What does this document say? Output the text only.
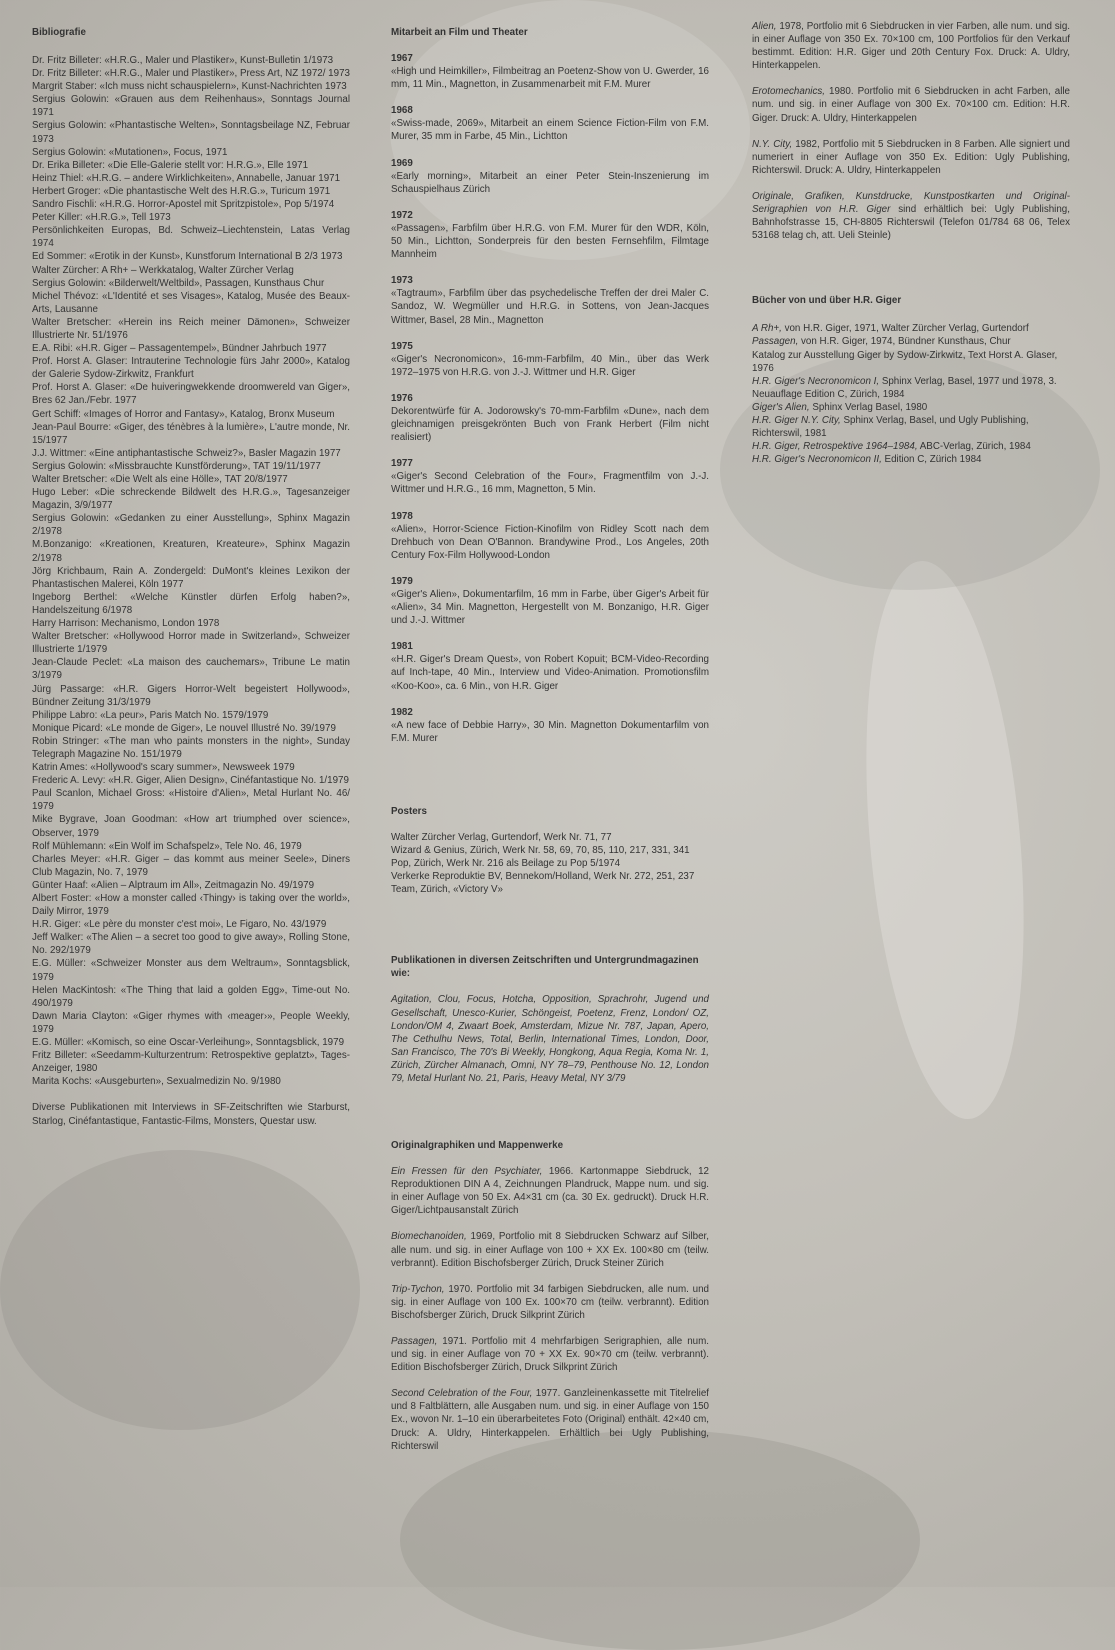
Bibliografie

Dr. Fritz Billeter: «H.R.G., Maler und Plastiker», Kunst-Bulletin 1/1973

Dr. Fritz Billeter: «H.R.G., Maler und Plastiker», Press Art, NZ 1972/ 1973

Margrit Staber: «Ich muss nicht schauspielern», Kunst-Nachrichten 1973

Sergius Golowin: «Grauen aus dem Reihenhaus», Sonntags Journal 1971

Sergius Golowin: «Phantastische Welten», Sonntagsbeilage NZ, Februar 1973

Sergius Golowin: «Mutationen», Focus, 1971

Dr. Erika Billeter: «Die Elle-Galerie stellt vor: H.R.G.», Elle 1971

Heinz Thiel: «H.R.G. – andere Wirklichkeiten», Annabelle, Januar 1971

Herbert Groger: «Die phantastische Welt des H.R.G.», Turicum 1971

Sandro Fischli: «H.R.G. Horror-Apostel mit Spritzpistole», Pop 5/1974

Peter Killer: «H.R.G.», Tell 1973

Persönlichkeiten Europas, Bd. Schweiz–Liechtenstein, Latas Verlag 1974

Ed Sommer: «Erotik in der Kunst», Kunstforum International B 2/3 1973

Walter Zürcher: A Rh+ – Werkkatalog, Walter Zürcher Verlag

Sergius Golowin: «Bilderwelt/Weltbild», Passagen, Kunsthaus Chur

Michel Thévoz: «L'Identité et ses Visages», Katalog, Musée des Beaux-Arts, Lausanne

Walter Bretscher: «Herein ins Reich meiner Dämonen», Schweizer Illustrierte Nr. 51/1976

E.A. Ribi: «H.R. Giger – Passagentempel», Bündner Jahrbuch 1977

Prof. Horst A. Glaser: Intrauterine Technologie fürs Jahr 2000», Katalog der Galerie Sydow-Zirkwitz, Frankfurt

Prof. Horst A. Glaser: «De huiveringwekkende droomwereld van Giger», Bres 62 Jan./Febr. 1977

Gert Schiff: «Images of Horror and Fantasy», Katalog, Bronx Museum

Jean-Paul Bourre: «Giger, des ténèbres à la lumière», L'autre monde, Nr. 15/1977

J.J. Wittmer: «Eine antiphantastische Schweiz?», Basler Magazin 1977

Sergius Golowin: «Missbrauchte Kunstförderung», TAT 19/11/1977

Walter Bretscher: «Die Welt als eine Hölle», TAT 20/8/1977

Hugo Leber: «Die schreckende Bildwelt des H.R.G.», Tagesanzeiger Magazin, 3/9/1977

Sergius Golowin: «Gedanken zu einer Ausstellung», Sphinx Magazin 2/1978

M.Bonzanigo: «Kreationen, Kreaturen, Kreateure», Sphinx Magazin 2/1978

Jörg Krichbaum, Rain A. Zondergeld: DuMont's kleines Lexikon der Phantastischen Malerei, Köln 1977

Ingeborg Berthel: «Welche Künstler dürfen Erfolg haben?», Handelszeitung 6/1978

Harry Harrison: Mechanismo, London 1978

Walter Bretscher: «Hollywood Horror made in Switzerland», Schweizer Illustrierte 1/1979

Jean-Claude Peclet: «La maison des cauchemars», Tribune Le matin 3/1979

Jürg Passarge: «H.R. Gigers Horror-Welt begeistert Hollywood», Bündner Zeitung 31/3/1979

Philippe Labro: «La peur», Paris Match No. 1579/1979

Monique Picard: «Le monde de Giger», Le nouvel Illustré No. 39/1979

Robin Stringer: «The man who paints monsters in the night», Sunday Telegraph Magazine No. 151/1979

Katrin Ames: «Hollywood's scary summer», Newsweek 1979

Frederic A. Levy: «H.R. Giger, Alien Design», Cinéfantastique No. 1/1979

Paul Scanlon, Michael Gross: «Histoire d'Alien», Metal Hurlant No. 46/ 1979

Mike Bygrave, Joan Goodman: «How art triumphed over science», Observer, 1979

Rolf Mühlemann: «Ein Wolf im Schafspelz», Tele No. 46, 1979

Charles Meyer: «H.R. Giger – das kommt aus meiner Seele», Diners Club Magazin, No. 7, 1979

Günter Haaf: «Alien – Alptraum im All», Zeitmagazin No. 49/1979

Albert Foster: «How a monster called ‹Thingy› is taking over the world», Daily Mirror, 1979

H.R. Giger: «Le père du monster c'est moi», Le Figaro, No. 43/1979

Jeff Walker: «The Alien – a secret too good to give away», Rolling Stone, No. 292/1979

E.G. Müller: «Schweizer Monster aus dem Weltraum», Sonntagsblick, 1979

Helen MacKintosh: «The Thing that laid a golden Egg», Time-out No. 490/1979

Dawn Maria Clayton: «Giger rhymes with ‹meager›», People Weekly, 1979

E.G. Müller: «Komisch, so eine Oscar-Verleihung», Sonntagsblick, 1979

Fritz Billeter: «Seedamm-Kulturzentrum: Retrospektive geplatzt», Tages-Anzeiger, 1980

Marita Kochs: «Ausgeburten», Sexualmedizin No. 9/1980

Diverse Publikationen mit Interviews in SF-Zeitschriften wie Starburst, Starlog, Cinéfantastique, Fantastic-Films, Monsters, Questar usw.

Mitarbeit an Film und Theater

1967

«High und Heimkiller», Filmbeitrag an Poetenz-Show von U. Gwerder, 16 mm, 11 Min., Magnetton, in Zusammenarbeit mit F.M. Murer

1968

«Swiss-made, 2069», Mitarbeit an einem Science Fiction-Film von F.M. Murer, 35 mm in Farbe, 45 Min., Lichtton

1969

«Early morning», Mitarbeit an einer Peter Stein-Inszenierung im Schauspielhaus Zürich

1972

«Passagen», Farbfilm über H.R.G. von F.M. Murer für den WDR, Köln, 50 Min., Lichtton, Sonderpreis für den besten Fernsehfilm, Filmtage Mannheim

1973

«Tagtraum», Farbfilm über das psychedelische Treffen der drei Maler C. Sandoz, W. Wegmüller und H.R.G. in Sottens, von Jean-Jacques Wittmer, Basel, 28 Min., Magnetton

1975

«Giger's Necronomicon», 16-mm-Farbfilm, 40 Min., über das Werk 1972–1975 von H.R.G. von J.-J. Wittmer und H.R. Giger

1976

Dekorentwürfe für A. Jodorowsky's 70-mm-Farbfilm «Dune», nach dem gleichnamigen preisgekrönten Buch von Frank Herbert (Film nicht realisiert)

1977

«Giger's Second Celebration of the Four», Fragmentfilm von J.-J. Wittmer und H.R.G., 16 mm, Magnetton, 5 Min.

1978

«Alien», Horror-Science Fiction-Kinofilm von Ridley Scott nach dem Drehbuch von Dean O'Bannon. Brandywine Prod., Los Angeles, 20th Century Fox-Film Hollywood-London

1979

«Giger's Alien», Dokumentarfilm, 16 mm in Farbe, über Giger's Arbeit für «Alien», 34 Min. Magnetton, Hergestellt von M. Bonzanigo, H.R. Giger und J.-J. Wittmer

1981

«H.R. Giger's Dream Quest», von Robert Kopuit; BCM-Video-Recording auf Inch-tape, 40 Min., Interview und Video-Animation. Promotionsfilm «Koo-Koo», ca. 6 Min., von H.R. Giger

1982

«A new face of Debbie Harry», 30 Min. Magnetton Dokumentarfilm von F.M. Murer

Posters

Walter Zürcher Verlag, Gurtendorf, Werk Nr. 71, 77

Wizard & Genius, Zürich, Werk Nr. 58, 69, 70, 85, 110, 217, 331, 341

Pop, Zürich, Werk Nr. 216 als Beilage zu Pop 5/1974

Verkerke Reproduktie BV, Bennekom/Holland, Werk Nr. 272, 251, 237

Team, Zürich, «Victory V»

Publikationen in diversen Zeitschriften und Untergrundmagazinen wie:

Agitation, Clou, Focus, Hotcha, Opposition, Sprachrohr, Jugend und Gesellschaft, Unesco-Kurier, Schöngeist, Poetenz, Frenz, London/ OZ, London/OM 4, Zwaart Boek, Amsterdam, Mizue Nr. 787, Japan, Apero, The Cethulhu News, Total, Berlin, International Times, London, Door, San Francisco, The 70's Bi Weekly, Hongkong, Aqua Regia, Koma Nr. 1, Zürich, Zürcher Almanach, Omni, NY 78–79, Penthouse No. 12, London 79, Metal Hurlant No. 21, Paris, Heavy Metal, NY 3/79

Originalgraphiken und Mappenwerke

Ein Fressen für den Psychiater, 1966. Kartonmappe Siebdruck, 12 Reproduktionen DIN A 4, Zeichnungen Plandruck, Mappe num. und sig. in einer Auflage von 50 Ex. A4×31 cm (ca. 30 Ex. gedruckt). Druck H.R. Giger/Lichtpausanstalt Zürich

Biomechanoiden, 1969, Portfolio mit 8 Siebdrucken Schwarz auf Silber, alle num. und sig. in einer Auflage von 100 + XX Ex. 100×80 cm (teilw. verbrannt). Edition Bischofsberger Zürich, Druck Steiner Zürich

Trip-Tychon, 1970. Portfolio mit 34 farbigen Siebdrucken, alle num. und sig. in einer Auflage von 100 Ex. 100×70 cm (teilw. verbrannt). Edition Bischofsberger Zürich, Druck Silkprint Zürich

Passagen, 1971. Portfolio mit 4 mehrfarbigen Serigraphien, alle num. und sig. in einer Auflage von 70 + XX Ex. 90×70 cm (teilw. verbrannt). Edition Bischofsberger Zürich, Druck Silkprint Zürich

Second Celebration of the Four, 1977. Ganzleinenkassette mit Titelrelief und 8 Faltblättern, alle Ausgaben num. und sig. in einer Auflage von 150 Ex., wovon Nr. 1–10 ein überarbeitetes Foto (Original) enthält. 42×40 cm, Druck: A. Uldry, Hinterkappelen. Erhältlich bei Ugly Publishing, Richterswil

Alien, 1978, Portfolio mit 6 Siebdrucken in vier Farben, alle num. und sig. in einer Auflage von 350 Ex. 70×100 cm, 100 Portfolios für den Verkauf bestimmt. Edition: H.R. Giger und 20th Century Fox. Druck: A. Uldry, Hinterkappelen.

Erotomechanics, 1980. Portfolio mit 6 Siebdrucken in acht Farben, alle num. und sig. in einer Auflage von 300 Ex. 70×100 cm. Edition: H.R. Giger. Druck: A. Uldry, Hinterkappelen

N.Y. City, 1982, Portfolio mit 5 Siebdrucken in 8 Farben. Alle signiert und numeriert in einer Auflage von 350 Ex. Edition: Ugly Publishing, Richterswil. Druck: A. Uldry, Hinterkappelen

Originale, Grafiken, Kunstdrucke, Kunstpostkarten und Original-Serigraphien von H.R. Giger sind erhältlich bei: Ugly Publishing, Bahnhofstrasse 15, CH-8805 Richterswil (Telefon 01/784 68 06, Telex 53168 telag ch, att. Ueli Steinle)

Bücher von und über H.R. Giger

A Rh+, von H.R. Giger, 1971, Walter Zürcher Verlag, Gurtendorf

Passagen, von H.R. Giger, 1974, Bündner Kunsthaus, Chur

Katalog zur Ausstellung Giger by Sydow-Zirkwitz, Text Horst A. Glaser, 1976

H.R. Giger's Necronomicon I, Sphinx Verlag, Basel, 1977 und 1978, 3. Neuauflage Edition C, Zürich, 1984

Giger's Alien, Sphinx Verlag Basel, 1980

H.R. Giger N.Y. City, Sphinx Verlag, Basel, und Ugly Publishing, Richterswil, 1981

H.R. Giger, Retrospektive 1964–1984, ABC-Verlag, Zürich, 1984

H.R. Giger's Necronomicon II, Edition C, Zürich 1984
